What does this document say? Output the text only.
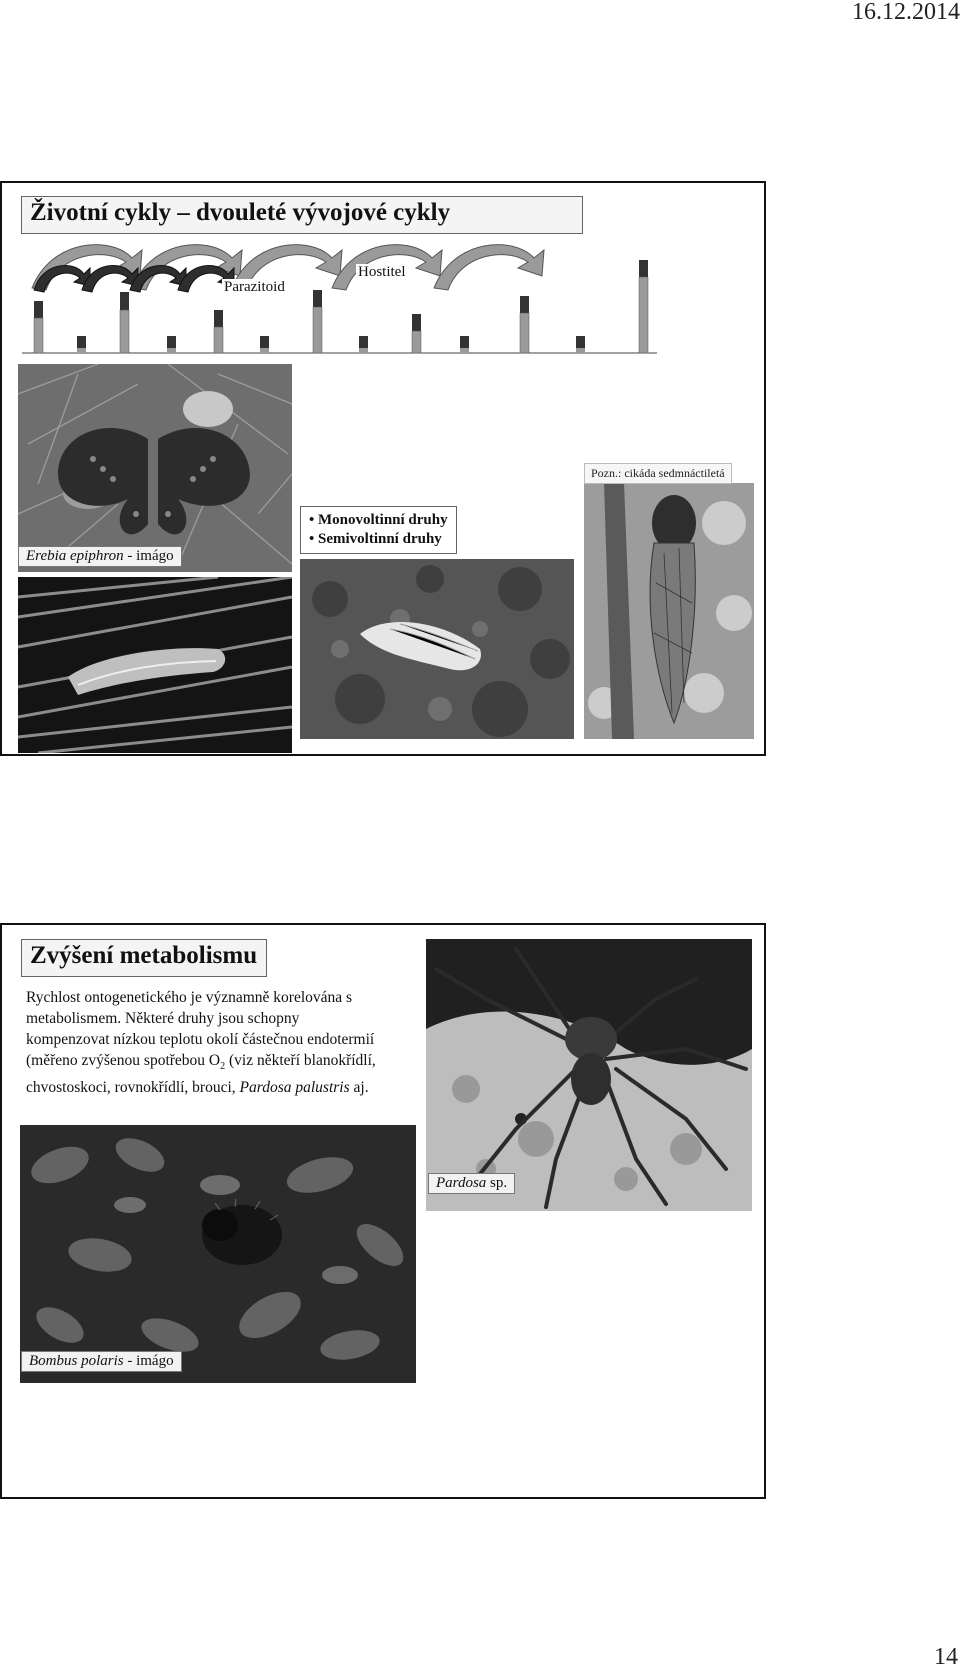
16.12.2014
Životní cykly – dvouleté vývojové cykly
Parazitoid
Hostitel
Erebia epiphron - imágo
Pozn.: cikáda sedmnáctiletá
• Monovoltinní druhy
• Semivoltinní druhy
Zvýšení metabolismu
Rychlost ontogenetického je významně korelována s
metabolismem. Některé druhy jsou schopny
kompenzovat nízkou teplotu okolí částečnou endotermií
(měřeno zvýšenou spotřebou $O_2$ (viz někteří blanokřídlí,
chvostoskoci, rovnokřídlí, brouci, Pardosa palustris aj.
Pardosa sp.
Bombus polaris - imágo
14
